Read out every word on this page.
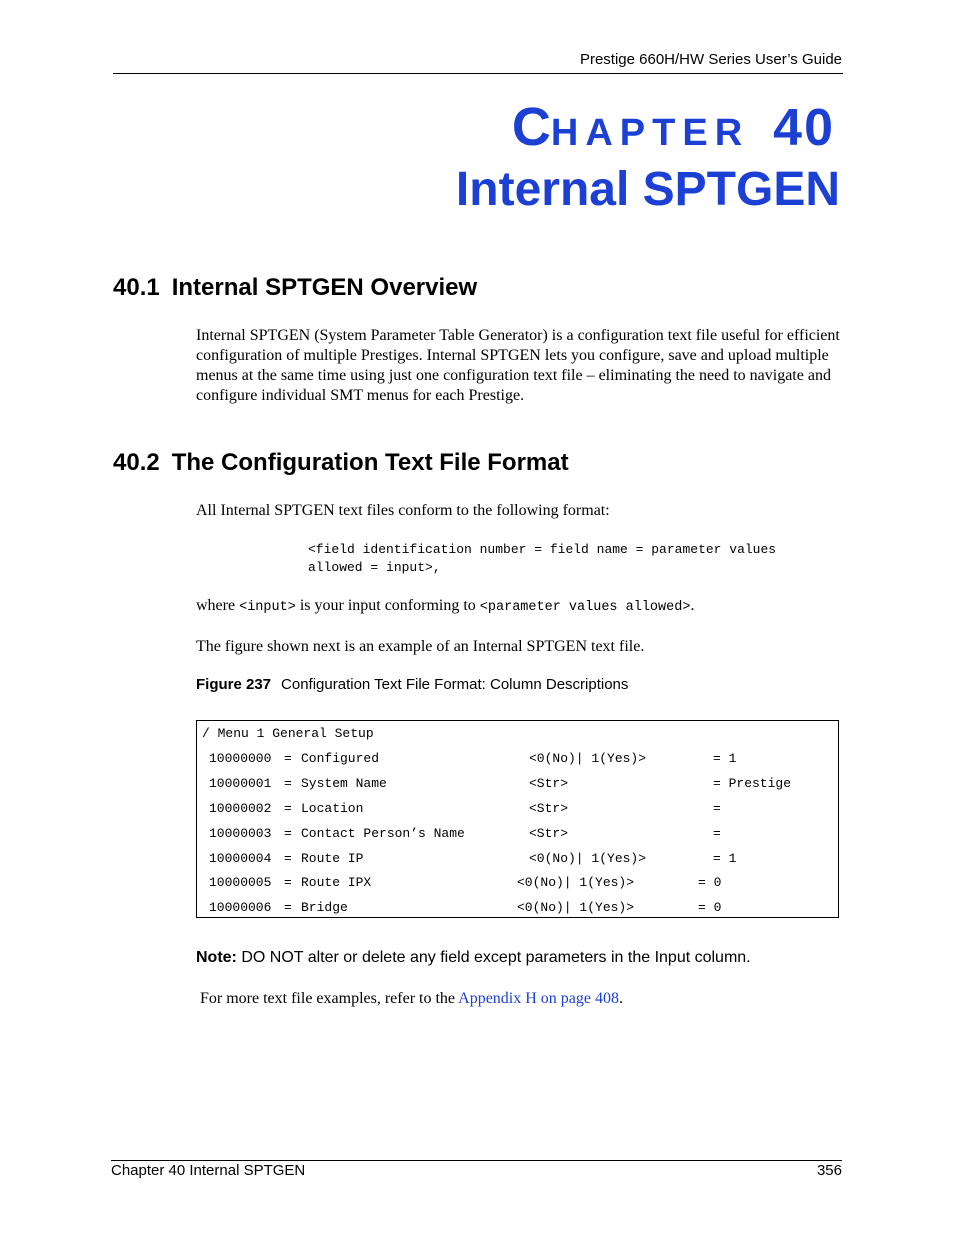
Prestige 660H/HW Series User’s Guide
CHAPTER 40
Internal SPTGEN
40.1 Internal SPTGEN Overview
Internal SPTGEN (System Parameter Table Generator) is a configuration text file useful for efficient configuration of multiple Prestiges. Internal SPTGEN lets you configure, save and upload multiple menus at the same time using just one configuration text file – eliminating the need to navigate and configure individual SMT menus for each Prestige.
40.2 The Configuration Text File Format
All Internal SPTGEN text files conform to the following format:
<field identification number = field name = parameter values
allowed = input>,
where <input> is your input conforming to <parameter values allowed>.
The figure shown next is an example of an Internal SPTGEN text file.
Figure 237 Configuration Text File Format: Column Descriptions
/ Menu 1 General Setup
10000000 = Configured	<0(No)| 1(Yes)>	= 1
10000001 = System Name	<Str>	= Prestige
10000002 = Location	<Str>	=
10000003 = Contact Person’s Name	<Str>	=
10000004 = Route IP	<0(No)| 1(Yes)>	= 1
10000005 = Route IPX	<0(No)| 1(Yes)>	= 0
10000006 = Bridge	<0(No)| 1(Yes)>	= 0
Note: DO NOT alter or delete any field except parameters in the Input column.
For more text file examples, refer to the Appendix H on page 408.
Chapter 40 Internal SPTGEN	356
